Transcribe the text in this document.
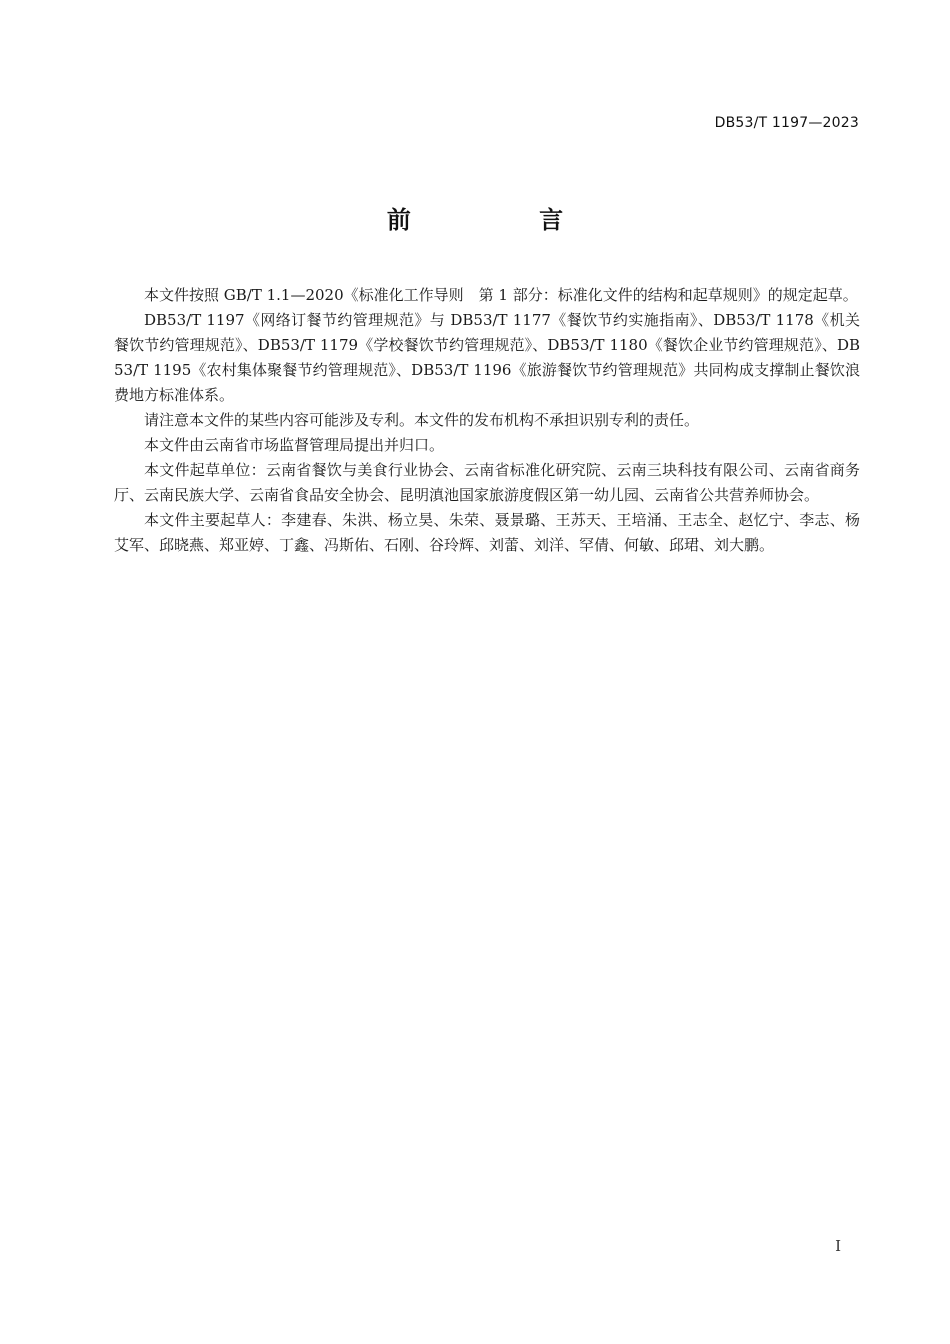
DB53/T 1197—2023
前 言

本文件按照 GB/T 1.1—2020《标准化工作导则　第 1 部分：标准化文件的结构和起草规则》的规定起草。

DB53/T 1197《网络订餐节约管理规范》与 DB53/T 1177《餐饮节约实施指南》、DB53/T 1178《机关餐饮节约管理规范》、DB53/T 1179《学校餐饮节约管理规范》、DB53/T 1180《餐饮企业节约管理规范》、DB53/T 1195《农村集体聚餐节约管理规范》、DB53/T 1196《旅游餐饮节约管理规范》共同构成支撑制止餐饮浪费地方标准体系。

请注意本文件的某些内容可能涉及专利。本文件的发布机构不承担识别专利的责任。

本文件由云南省市场监督管理局提出并归口。

本文件起草单位：云南省餐饮与美食行业协会、云南省标准化研究院、云南三块科技有限公司、云南省商务厅、云南民族大学、云南省食品安全协会、昆明滇池国家旅游度假区第一幼儿园、云南省公共营养师协会。

本文件主要起草人：李建春、朱洪、杨立昊、朱荣、聂景璐、王苏天、王培涌、王志全、赵忆宁、李志、杨艾军、邱晓燕、郑亚婷、丁鑫、冯斯佑、石刚、谷玲辉、刘蕾、刘洋、罕倩、何敏、邱珺、刘大鹏。

I
